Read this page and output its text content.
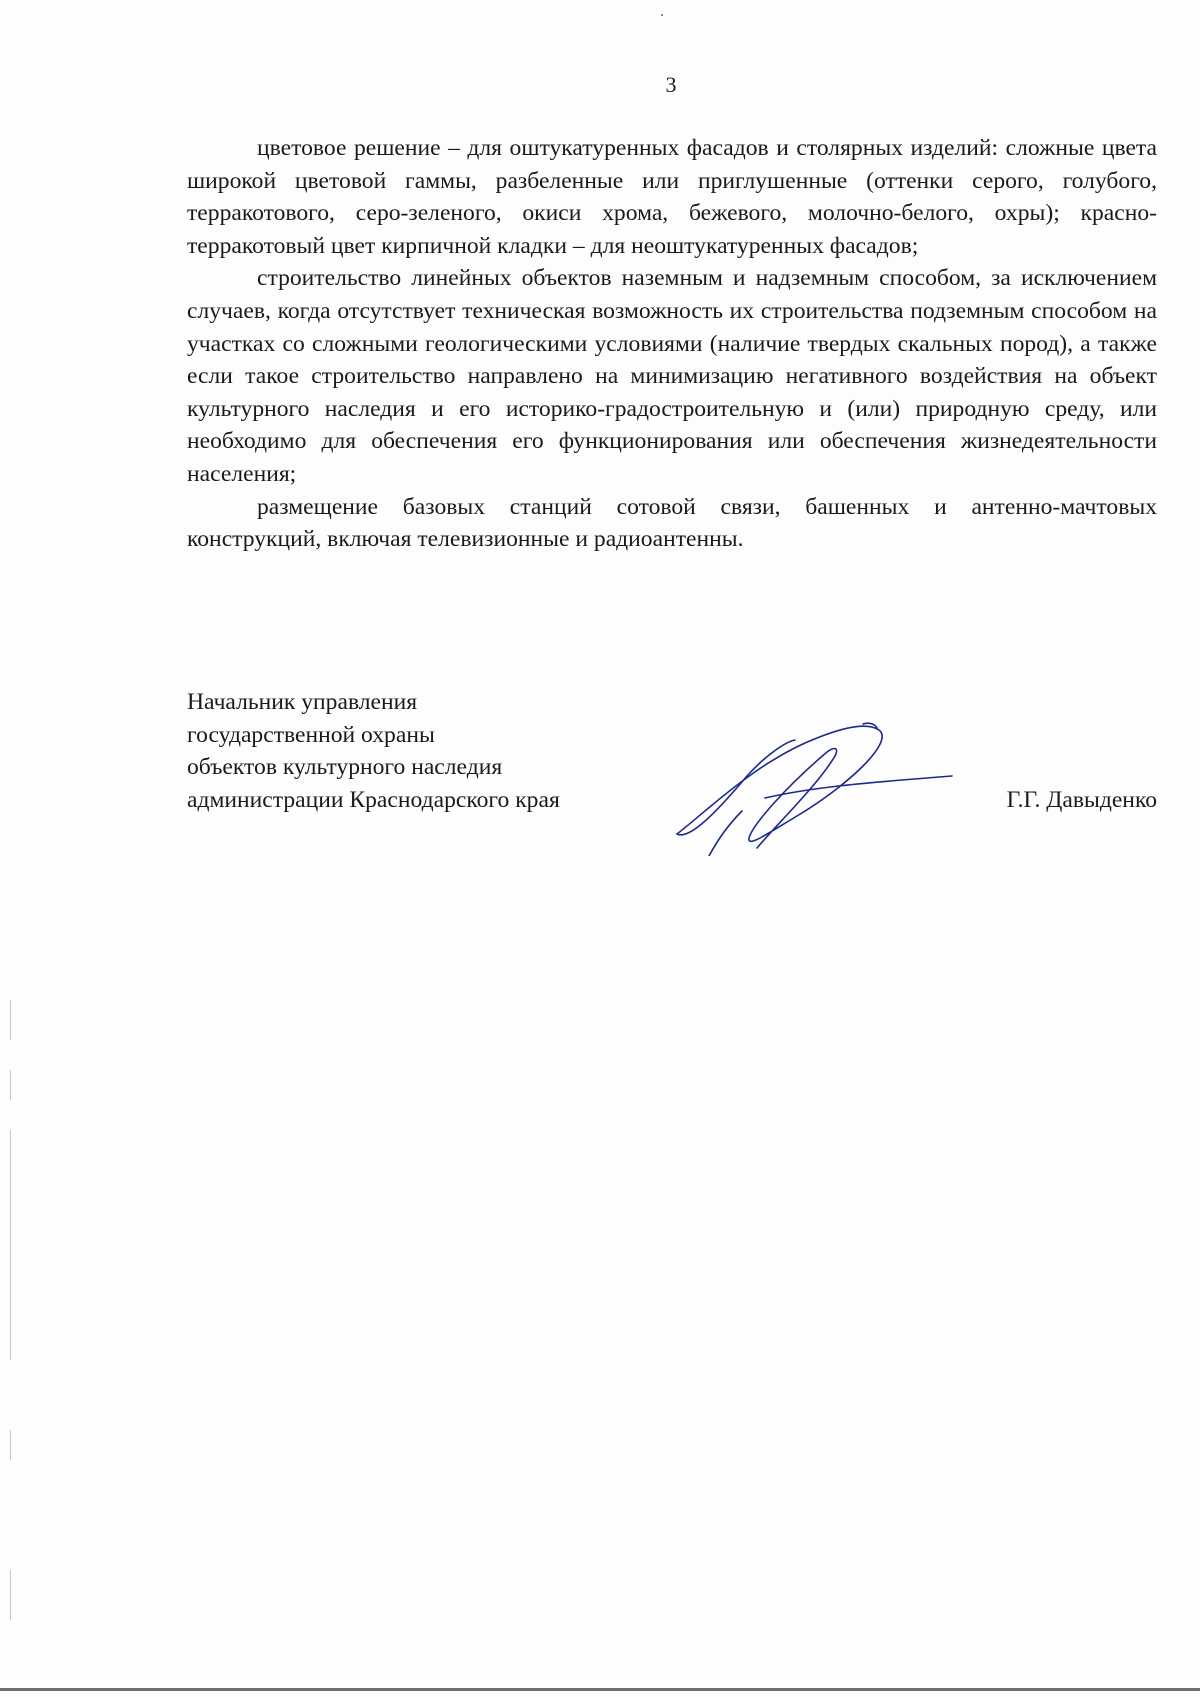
3

цветовое решение – для оштукатуренных фасадов и столярных изделий: сложные цвета широкой цветовой гаммы, разбеленные или приглушенные (оттенки серого, голубого, терракотового, серо-зеленого, окиси хрома, бежевого, молочно-белого, охры); красно-терракотовый цвет кирпичной кладки – для неоштукатуренных фасадов;

строительство линейных объектов наземным и надземным способом, за исключением случаев, когда отсутствует техническая возможность их строительства подземным способом на участках со сложными геологическими условиями (наличие твердых скальных пород), а также если такое строительство направлено на минимизацию негативного воздействия на объект культурного наследия и его историко-градостроительную и (или) природную среду, или необходимо для обеспечения его функционирования или обеспечения жизнедеятельности населения;

размещение базовых станций сотовой связи, башенных и антенно-мачтовых конструкций, включая телевизионные и радиоантенны.

Начальник управления
государственной охраны
объектов культурного наследия
администрации Краснодарского края	Г.Г. Давыденко
